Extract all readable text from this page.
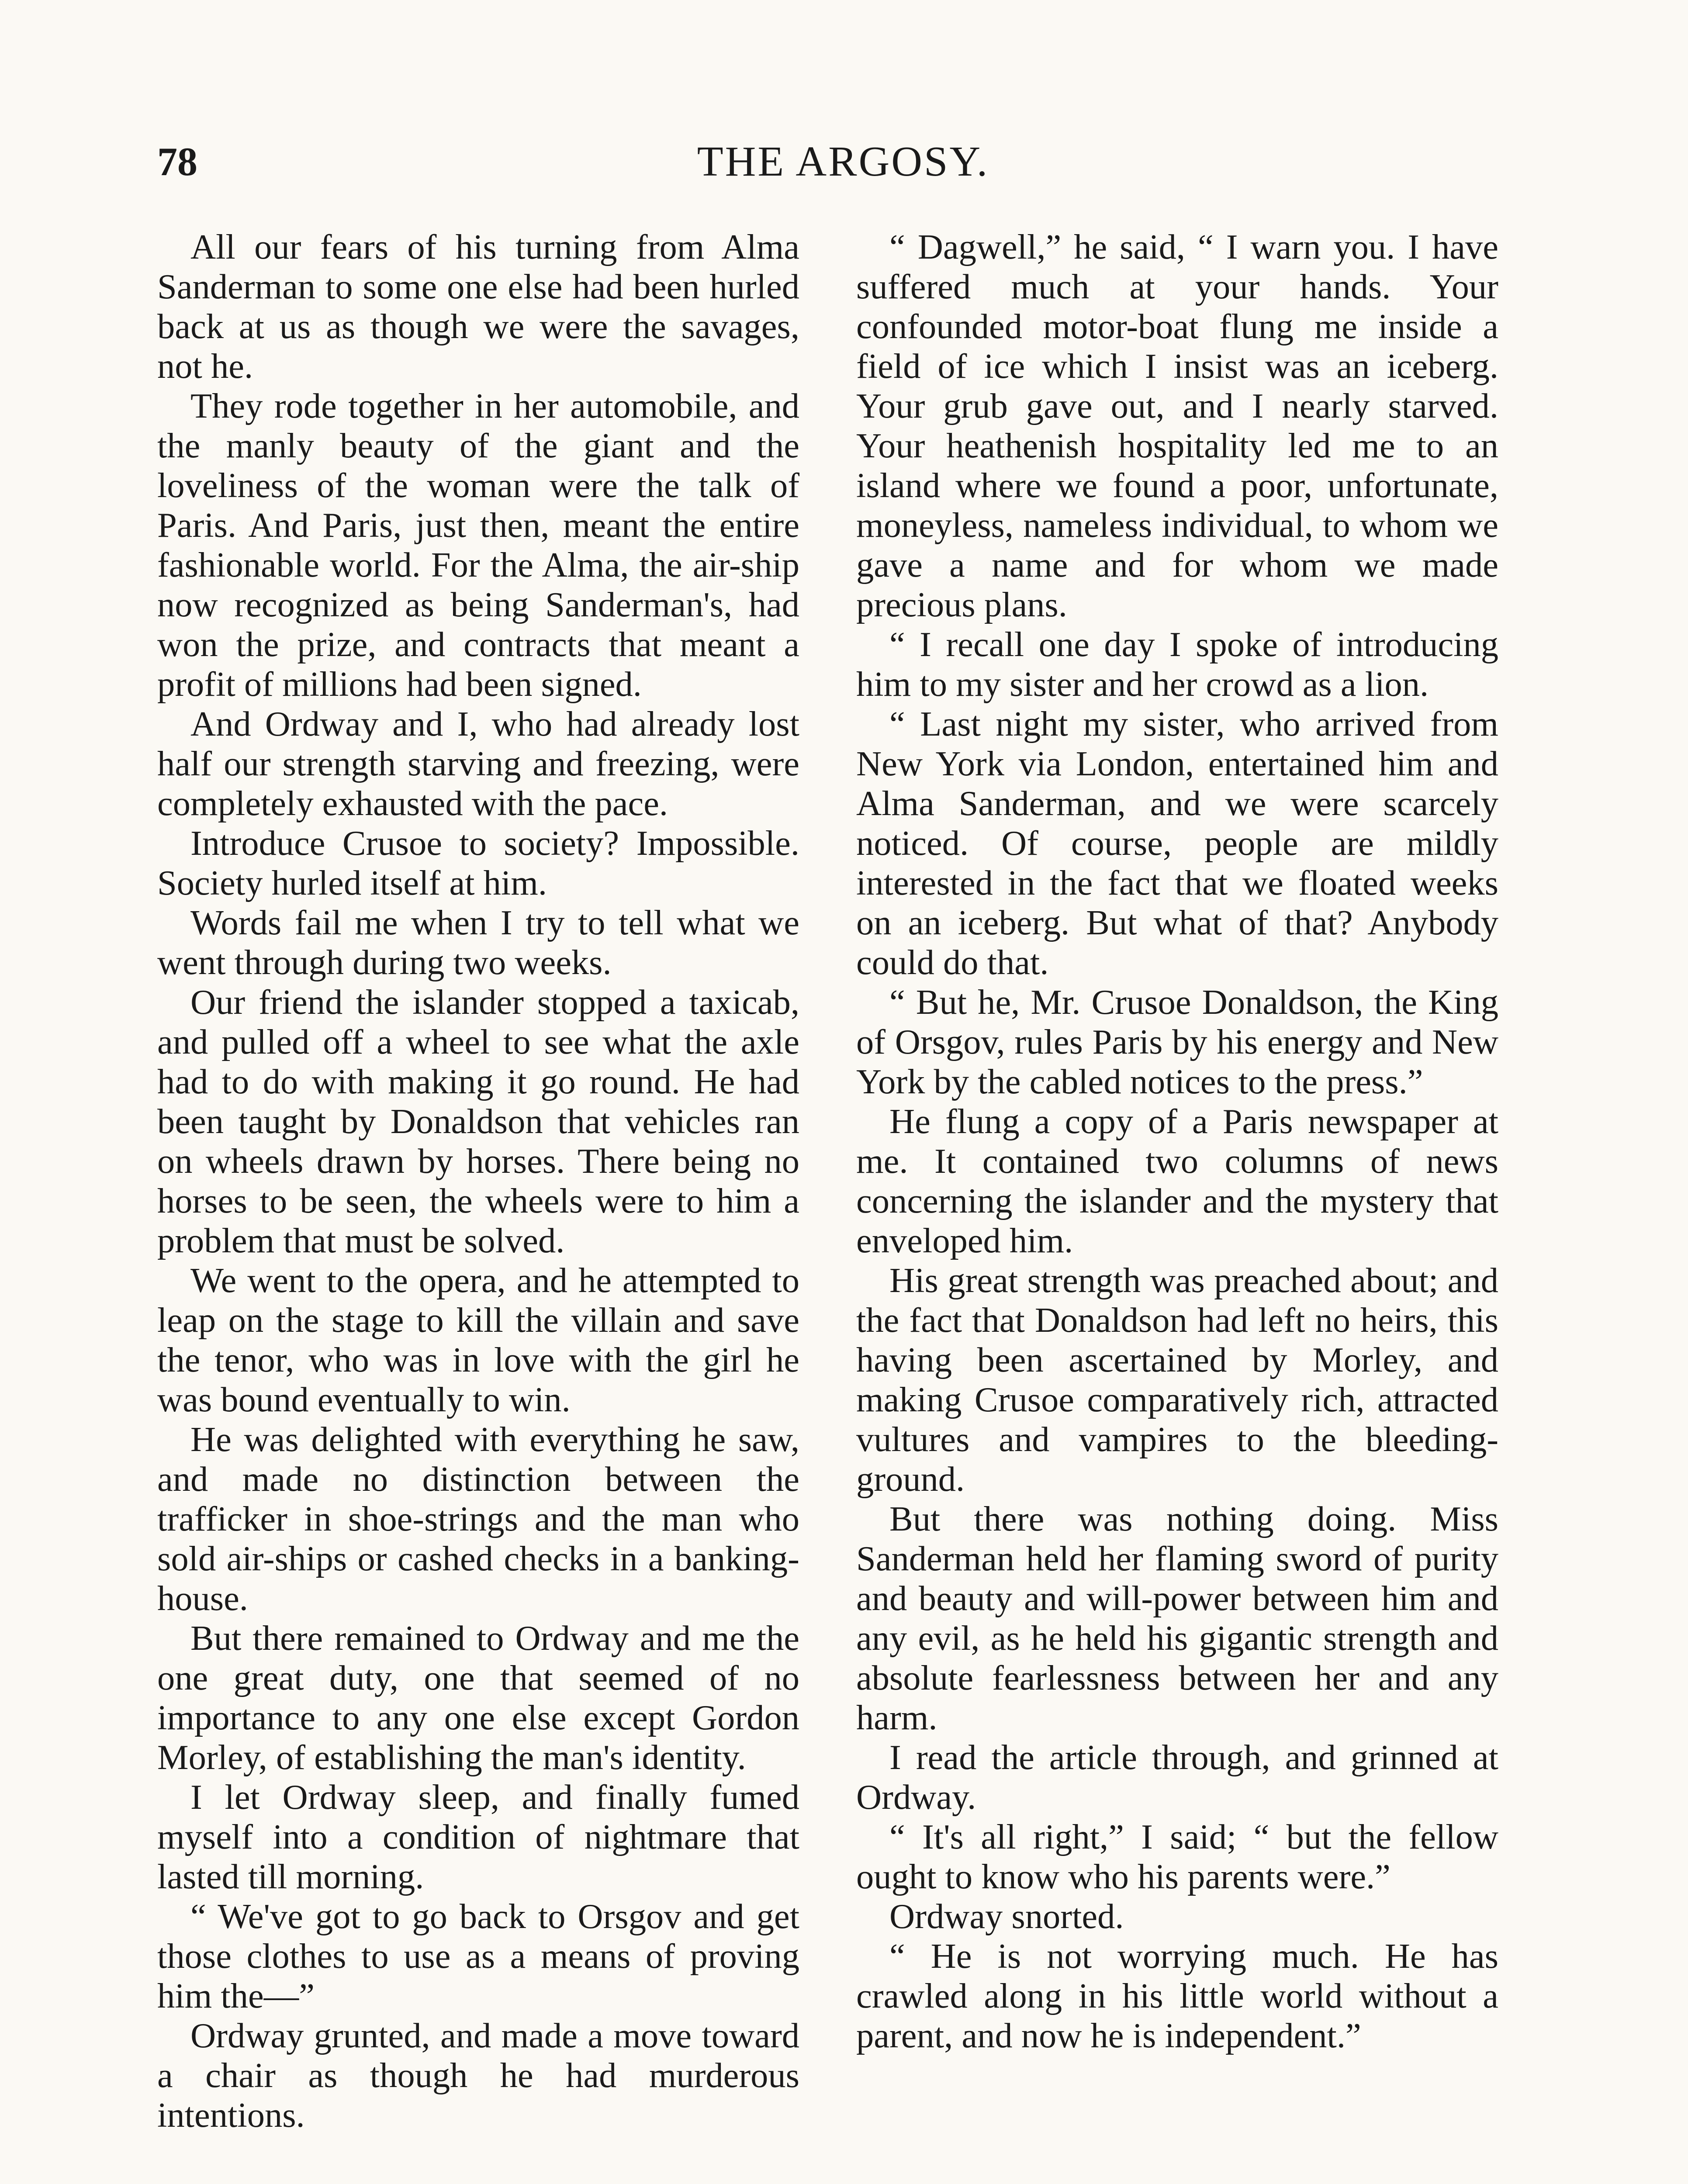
78	THE ARGOSY.

All our fears of his turning from Alma Sanderman to some one else had been hurled back at us as though we were the savages, not he.

They rode together in her automobile, and the manly beauty of the giant and the loveliness of the woman were the talk of Paris. And Paris, just then, meant the entire fashionable world. For the Alma, the air-ship now recognized as being Sanderman's, had won the prize, and contracts that meant a profit of millions had been signed.

And Ordway and I, who had already lost half our strength starving and freezing, were completely exhausted with the pace.

Introduce Crusoe to society? Impossible. Society hurled itself at him.

Words fail me when I try to tell what we went through during two weeks.

Our friend the islander stopped a taxicab, and pulled off a wheel to see what the axle had to do with making it go round. He had been taught by Donaldson that vehicles ran on wheels drawn by horses. There being no horses to be seen, the wheels were to him a problem that must be solved.

We went to the opera, and he attempted to leap on the stage to kill the villain and save the tenor, who was in love with the girl he was bound eventually to win.

He was delighted with everything he saw, and made no distinction between the trafficker in shoe-strings and the man who sold air-ships or cashed checks in a banking-house.

But there remained to Ordway and me the one great duty, one that seemed of no importance to any one else except Gordon Morley, of establishing the man's identity.

I let Ordway sleep, and finally fumed myself into a condition of nightmare that lasted till morning.

“ We've got to go back to Orsgov and get those clothes to use as a means of proving him the—”

Ordway grunted, and made a move toward a chair as though he had murderous intentions.

“ Dagwell,” he said, “ I warn you. I have suffered much at your hands. Your confounded motor-boat flung me inside a field of ice which I insist was an iceberg. Your grub gave out, and I nearly starved. Your heathenish hospitality led me to an island where we found a poor, unfortunate, moneyless, nameless individual, to whom we gave a name and for whom we made precious plans.

“ I recall one day I spoke of introducing him to my sister and her crowd as a lion.

“ Last night my sister, who arrived from New York via London, entertained him and Alma Sanderman, and we were scarcely noticed. Of course, people are mildly interested in the fact that we floated weeks on an iceberg. But what of that? Anybody could do that.

“ But he, Mr. Crusoe Donaldson, the King of Orsgov, rules Paris by his energy and New York by the cabled notices to the press.”

He flung a copy of a Paris newspaper at me. It contained two columns of news concerning the islander and the mystery that enveloped him.

His great strength was preached about; and the fact that Donaldson had left no heirs, this having been ascertained by Morley, and making Crusoe comparatively rich, attracted vultures and vampires to the bleeding-ground.

But there was nothing doing. Miss Sanderman held her flaming sword of purity and beauty and will-power between him and any evil, as he held his gigantic strength and absolute fearlessness between her and any harm.

I read the article through, and grinned at Ordway.

“ It's all right,” I said; “ but the fellow ought to know who his parents were.”

Ordway snorted.

“ He is not worrying much. He has crawled along in his little world without a parent, and now he is independent.”
